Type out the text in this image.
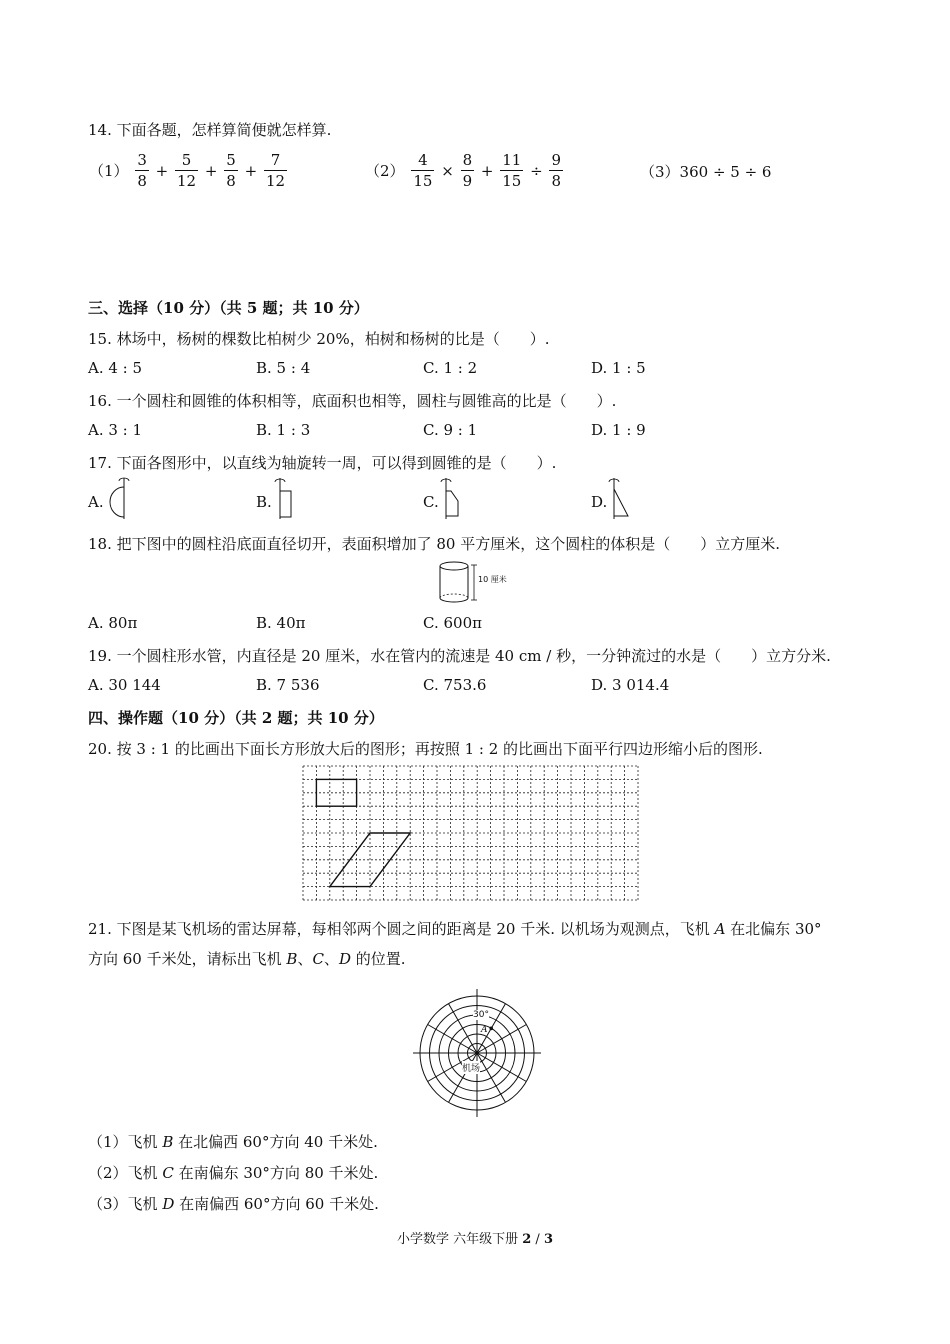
14. 下面各题，怎样算简便就怎样算.
$(1) \frac{3}{8} + \frac{5}{12} + \frac{5}{8} + \frac{7}{12}$	$(2) \frac{4}{15} \times \frac{8}{9} + \frac{11}{15} \div \frac{9}{8}$	（3）360 ÷ 5 ÷ 6
三、选择（10 分）（共 5 题；共 10 分）
15. 林场中，杨树的棵数比柏树少 20%，柏树和杨树的比是（　　）.
A. 4 : 5	B. 5 : 4	C. 1 : 2	D. 1 : 5
16. 一个圆柱和圆锥的体积相等，底面积也相等，圆柱与圆锥高的比是（　　）.
A. 3 : 1	B. 1 : 3	C. 9 : 1	D. 1 : 9
17. 下面各图形中，以直线为轴旋转一周，可以得到圆锥的是（　　）.
A.	B.	C.	D.
18. 把下图中的圆柱沿底面直径切开，表面积增加了 80 平方厘米，这个圆柱的体积是（　　）立方厘米.
10 厘米
A. 80π	B. 40π	C. 600π
19. 一个圆柱形水管，内直径是 20 厘米，水在管内的流速是 40 cm / 秒，一分钟流过的水是（　　）立方分米.
A. 30 144	B. 7 536	C. 753.6	D. 3 014.4
四、操作题（10 分）（共 2 题；共 10 分）
20. 按 3 : 1 的比画出下面长方形放大后的图形；再按照 1 : 2 的比画出下面平行四边形缩小后的图形.
21. 下图是某飞机场的雷达屏幕，每相邻两个圆之间的距离是 20 千米. 以机场为观测点，飞机 A 在北偏东 30°
方向 60 千米处，请标出飞机 B、C、D 的位置.
30°
A
机场
（1）飞机 B 在北偏西 60°方向 40 千米处.
（2）飞机 C 在南偏东 30°方向 80 千米处.
（3）飞机 D 在南偏西 60°方向 60 千米处.
小学数学 六年级下册 2 / 3
